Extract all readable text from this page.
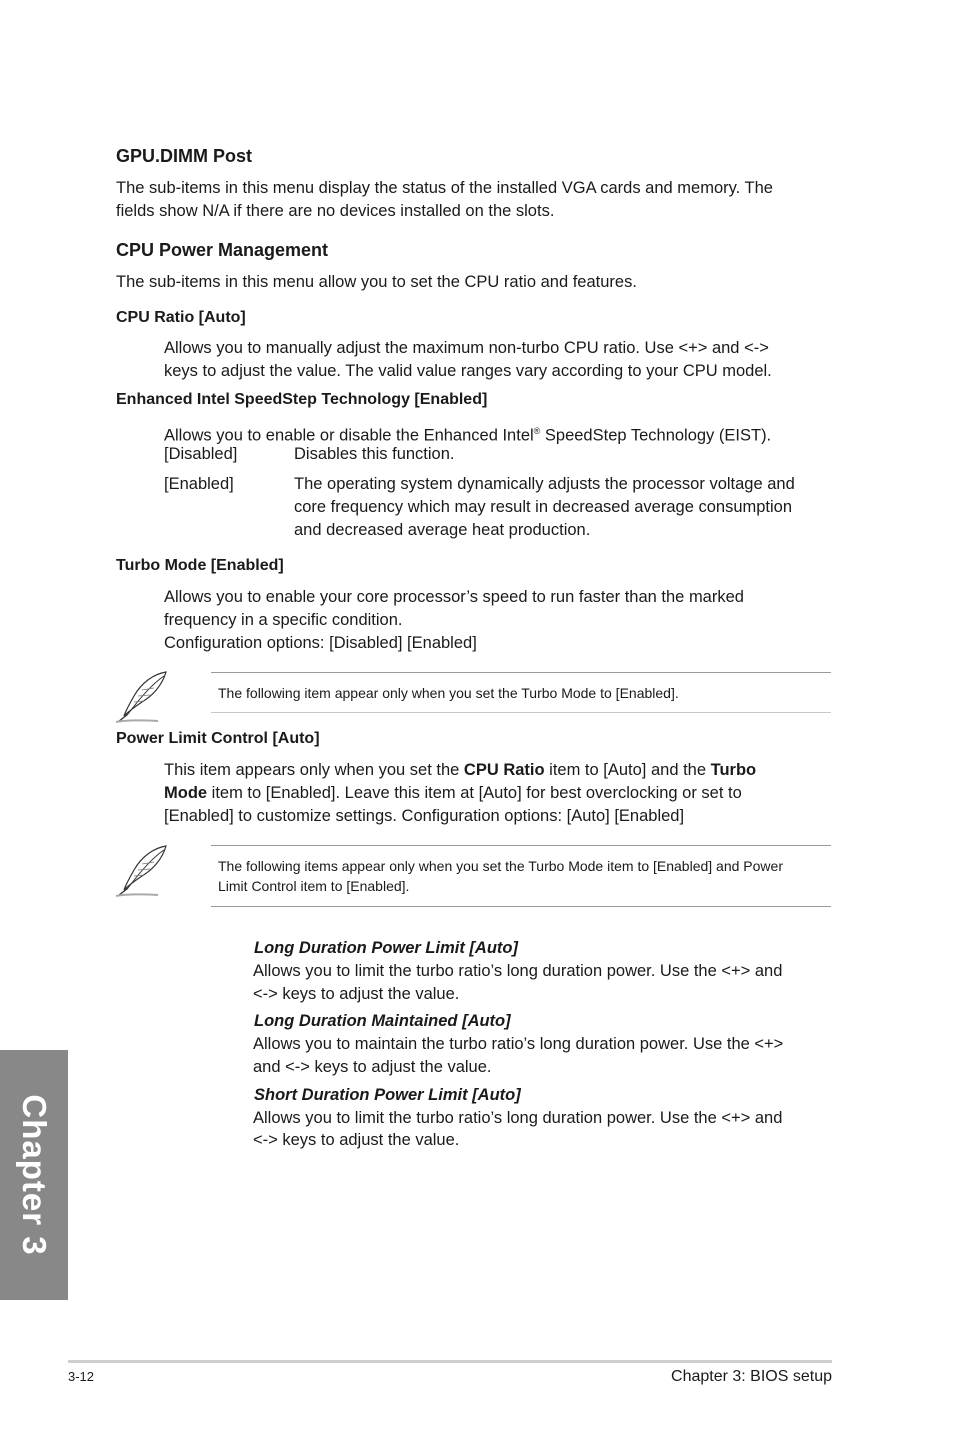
GPU.DIMM Post

The sub-items in this menu display the status of the installed VGA cards and memory. The

fields show N/A if there are no devices installed on the slots.

CPU Power Management

The sub-items in this menu allow you to set the CPU ratio and features.

CPU Ratio [Auto]

Allows you to manually adjust the maximum non-turbo CPU ratio. Use <+> and <->

keys to adjust the value. The valid value ranges vary according to your CPU model.

Enhanced Intel SpeedStep Technology [Enabled]

Allows you to enable or disable the Enhanced Intel® SpeedStep Technology (EIST).

[Disabled]	Disables this function.

[Enabled]	The operating system dynamically adjusts the processor voltage and

core frequency which may result in decreased average consumption

and decreased average heat production.

Turbo Mode [Enabled]

Allows you to enable your core processor’s speed to run faster than the marked

frequency in a specific condition.

Configuration options: [Disabled] [Enabled]

The following item appear only when you set the Turbo Mode to [Enabled].

Power Limit Control [Auto]

This item appears only when you set the CPU Ratio item to [Auto] and the Turbo

Mode item to [Enabled]. Leave this item at [Auto] for best overclocking or set to

[Enabled] to customize settings. Configuration options: [Auto] [Enabled]

The following items appear only when you set the Turbo Mode item to [Enabled] and Power

Limit Control item to [Enabled].

Long Duration Power Limit [Auto]

Allows you to limit the turbo ratio’s long duration power. Use the <+> and

<-> keys to adjust the value.

Long Duration Maintained [Auto]

Allows you to maintain the turbo ratio’s long duration power. Use the <+>

and <-> keys to adjust the value.

Short Duration Power Limit [Auto]

Allows you to limit the turbo ratio’s long duration power. Use the <+> and

<-> keys to adjust the value.

Chapter 3
3-12	Chapter 3: BIOS setup
